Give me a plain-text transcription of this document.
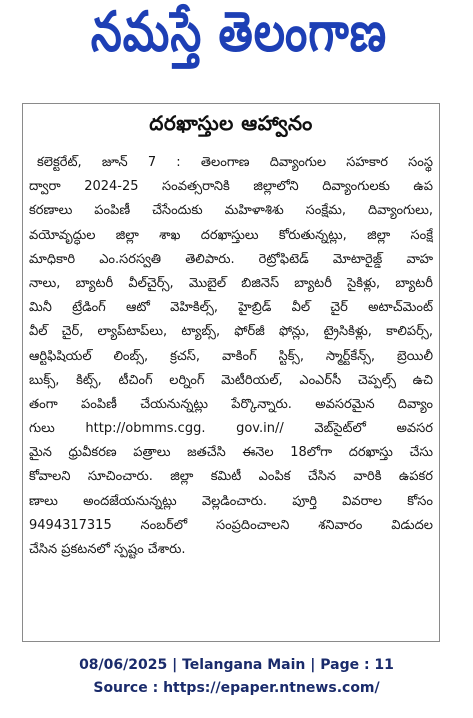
నమస్తే తెలంగాణ
దరఖాస్తుల ఆహ్వానం
కలెక్టరేట్, జూన్ 7 : తెలంగాణ దివ్యాంగుల సహకార సంస్థ
ద్వారా 2024-25 సంవత్సరానికి జిల్లాలోని దివ్యాంగులకు ఉప
కరణాలు పంపిణీ చేసేందుకు మహిళాశిశు సంక్షేమ, దివ్యాంగులు,
వయోవృద్ధుల జిల్లా శాఖ దరఖాస్తులు కోరుతున్నట్లు, జిల్లా సంక్షే
మాధికారి ఎం.సరస్వతి తెలిపారు. రెట్రోఫిటెడ్ మోటారైజ్డ్ వాహ
నాలు, బ్యాటరీ వీల్‌చైర్స్, మొబైల్ బిజినెస్ బ్యాటరీ సైకిళ్లు, బ్యాటరీ
మినీ ట్రేడింగ్ ఆటో వెహికిల్స్, హైబ్రిడ్ వీల్ చైర్ అటాచ్‌మెంట్
వీల్ చైర్, ల్యాప్‌టాప్‌లు, ట్యాబ్స్, ఫోర్‌జీ ఫోన్లు, ట్రైసికిళ్లు, కాలిపర్స్,
ఆర్టిఫిషియల్ లింబ్స్, క్రచస్, వాకింగ్ స్టిక్స్, స్మార్ట్‌కేన్స్, బ్రెయిలీ
బుక్స్, కిట్స్, టీచింగ్ లర్నింగ్ మెటీరియల్, ఎంఎర్‌సీ చెప్పల్స్ ఉచి
తంగా పంపిణీ చేయనున్నట్లు పేర్కొన్నారు. అవసరమైన దివ్యాం
గులు http://obmms.cgg. gov.in// వెబ్‌సైట్‌లో అవసర
మైన ధ్రువీకరణ పత్రాలు జతచేసి ఈనెల 18లోగా దరఖాస్తు చేసు
కోవాలని సూచించారు. జిల్లా కమిటీ ఎంపిక చేసిన వారికి ఉపకర
ణాలు అందజేయనున్నట్లు వెల్లడించారు. పూర్తి వివరాల కోసం
9494317315 నంబర్‌లో సంప్రదించాలని శనివారం విడుదల
చేసిన ప్రకటనలో స్పష్టం చేశారు.
08/06/2025 | Telangana Main | Page : 11
Source : https://epaper.ntnews.com/
